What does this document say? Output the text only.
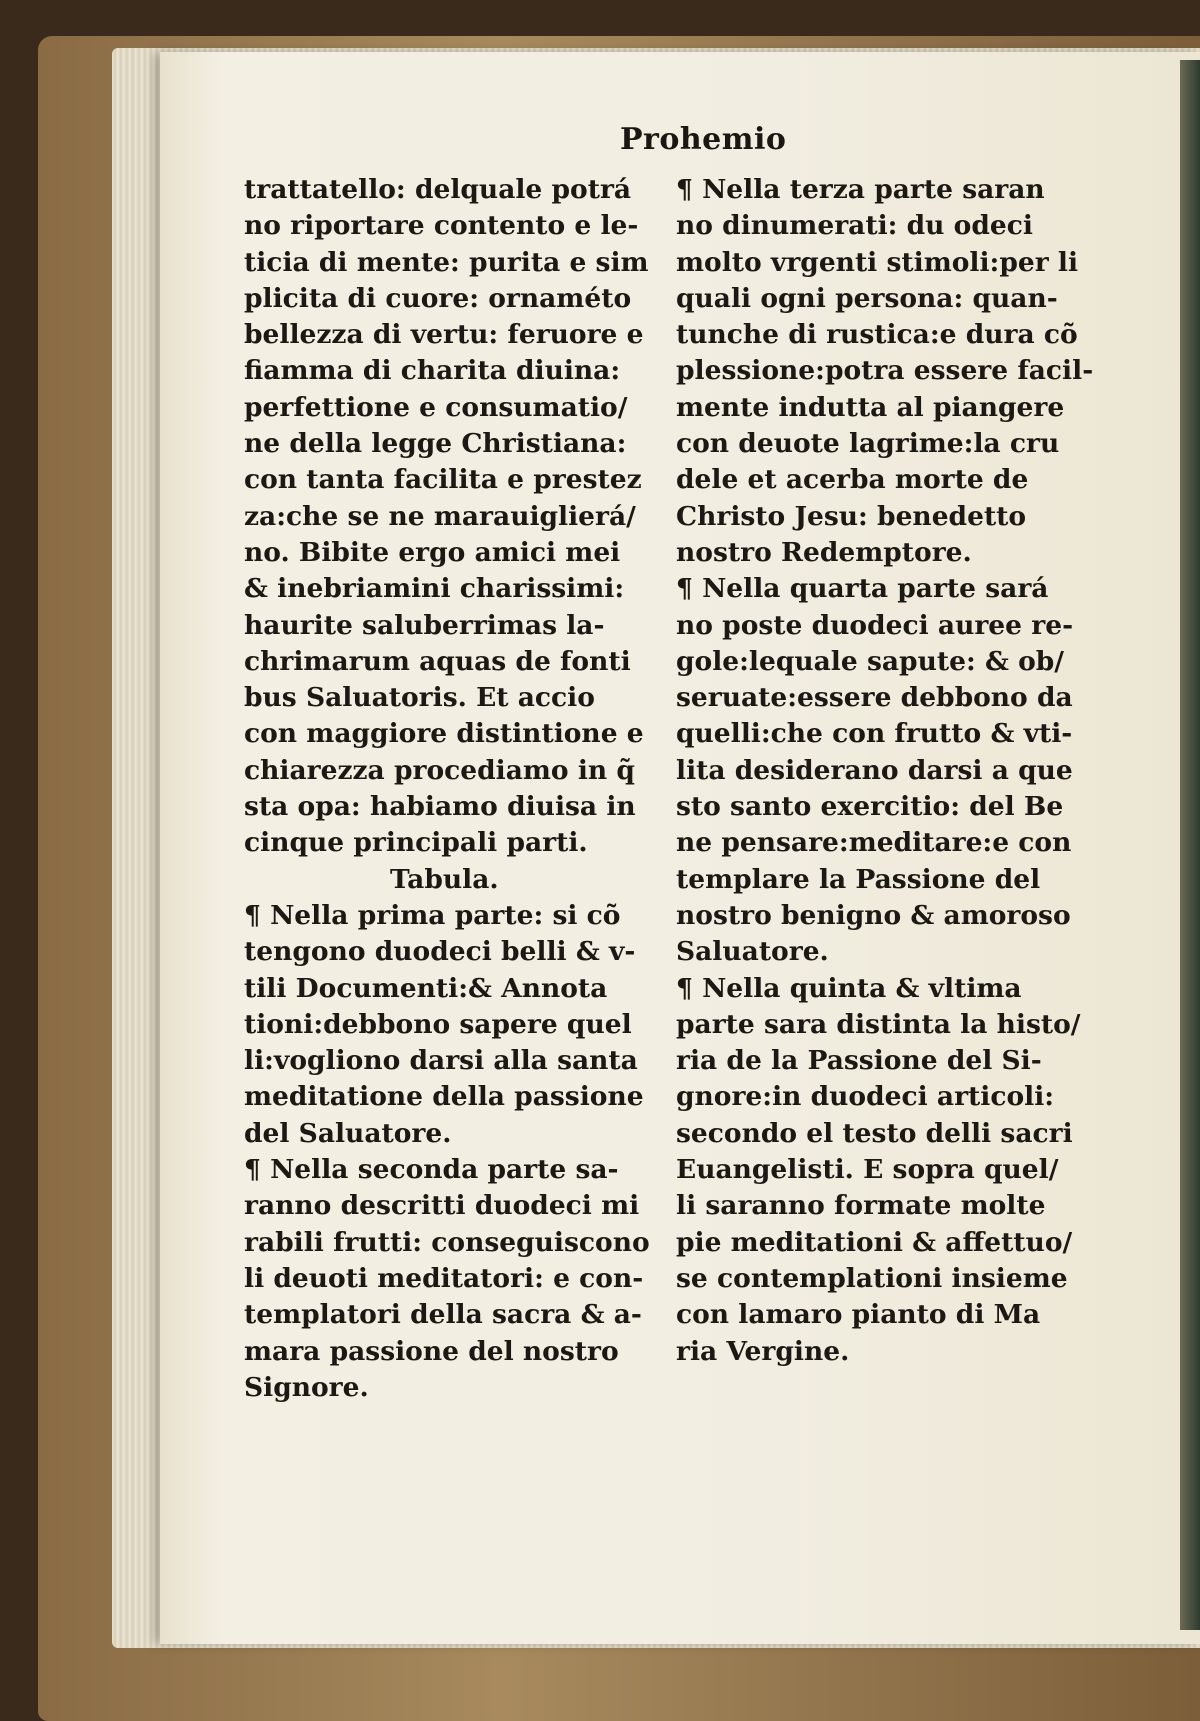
Prohemio
trattatello: delquale potrá
no riportare contento e le-
ticia di mente: purita e sim
plicita di cuore: ornaméto
bellezza di vertu: feruore e
fiamma di charita diuina:
perfettione e consumatio/
ne della legge Christiana:
con tanta facilita e prestez
za:che se ne marauiglierá/
no. Bibite ergo amici mei
& inebriamini charissimi:
haurite saluberrimas la-
chrimarum aquas de fonti
bus Saluatoris. Et accio
con maggiore distintione e
chiarezza procediamo in q̃
sta opa: habiamo diuisa in
cinque principali parti.
Tabula.
¶ Nella prima parte: si cõ
tengono duodeci belli & v-
tili Documenti:& Annota
tioni:debbono sapere quel
li:vogliono darsi alla santa
meditatione della passione
del Saluatore.
¶ Nella seconda parte sa-
ranno descritti duodeci mi
rabili frutti: conseguiscono
li deuoti meditatori: e con-
templatori della sacra & a-
mara passione del nostro
Signore.
¶ Nella terza parte saran
no dinumerati: du odeci
molto vrgenti stimoli:per li
quali ogni persona: quan-
tunche di rustica:e dura cõ
plessione:potra essere facil-
mente indutta al piangere
con deuote lagrime:la cru
dele et acerba morte de
Christo Jesu: benedetto
nostro Redemptore.
¶ Nella quarta parte sará
no poste duodeci auree re-
gole:lequale sapute: & ob/
seruate:essere debbono da
quelli:che con frutto & vti-
lita desiderano darsi a que
sto santo exercitio: del Be
ne pensare:meditare:e con
templare la Passione del
nostro benigno & amoroso
Saluatore.
¶ Nella quinta & vltima
parte sara distinta la histo/
ria de la Passione del Si-
gnore:in duodeci articoli:
secondo el testo delli sacri
Euangelisti. E sopra quel/
li saranno formate molte
pie meditationi & affettuo/
se contemplationi insieme
con lamaro pianto di Ma
ria Vergine.
